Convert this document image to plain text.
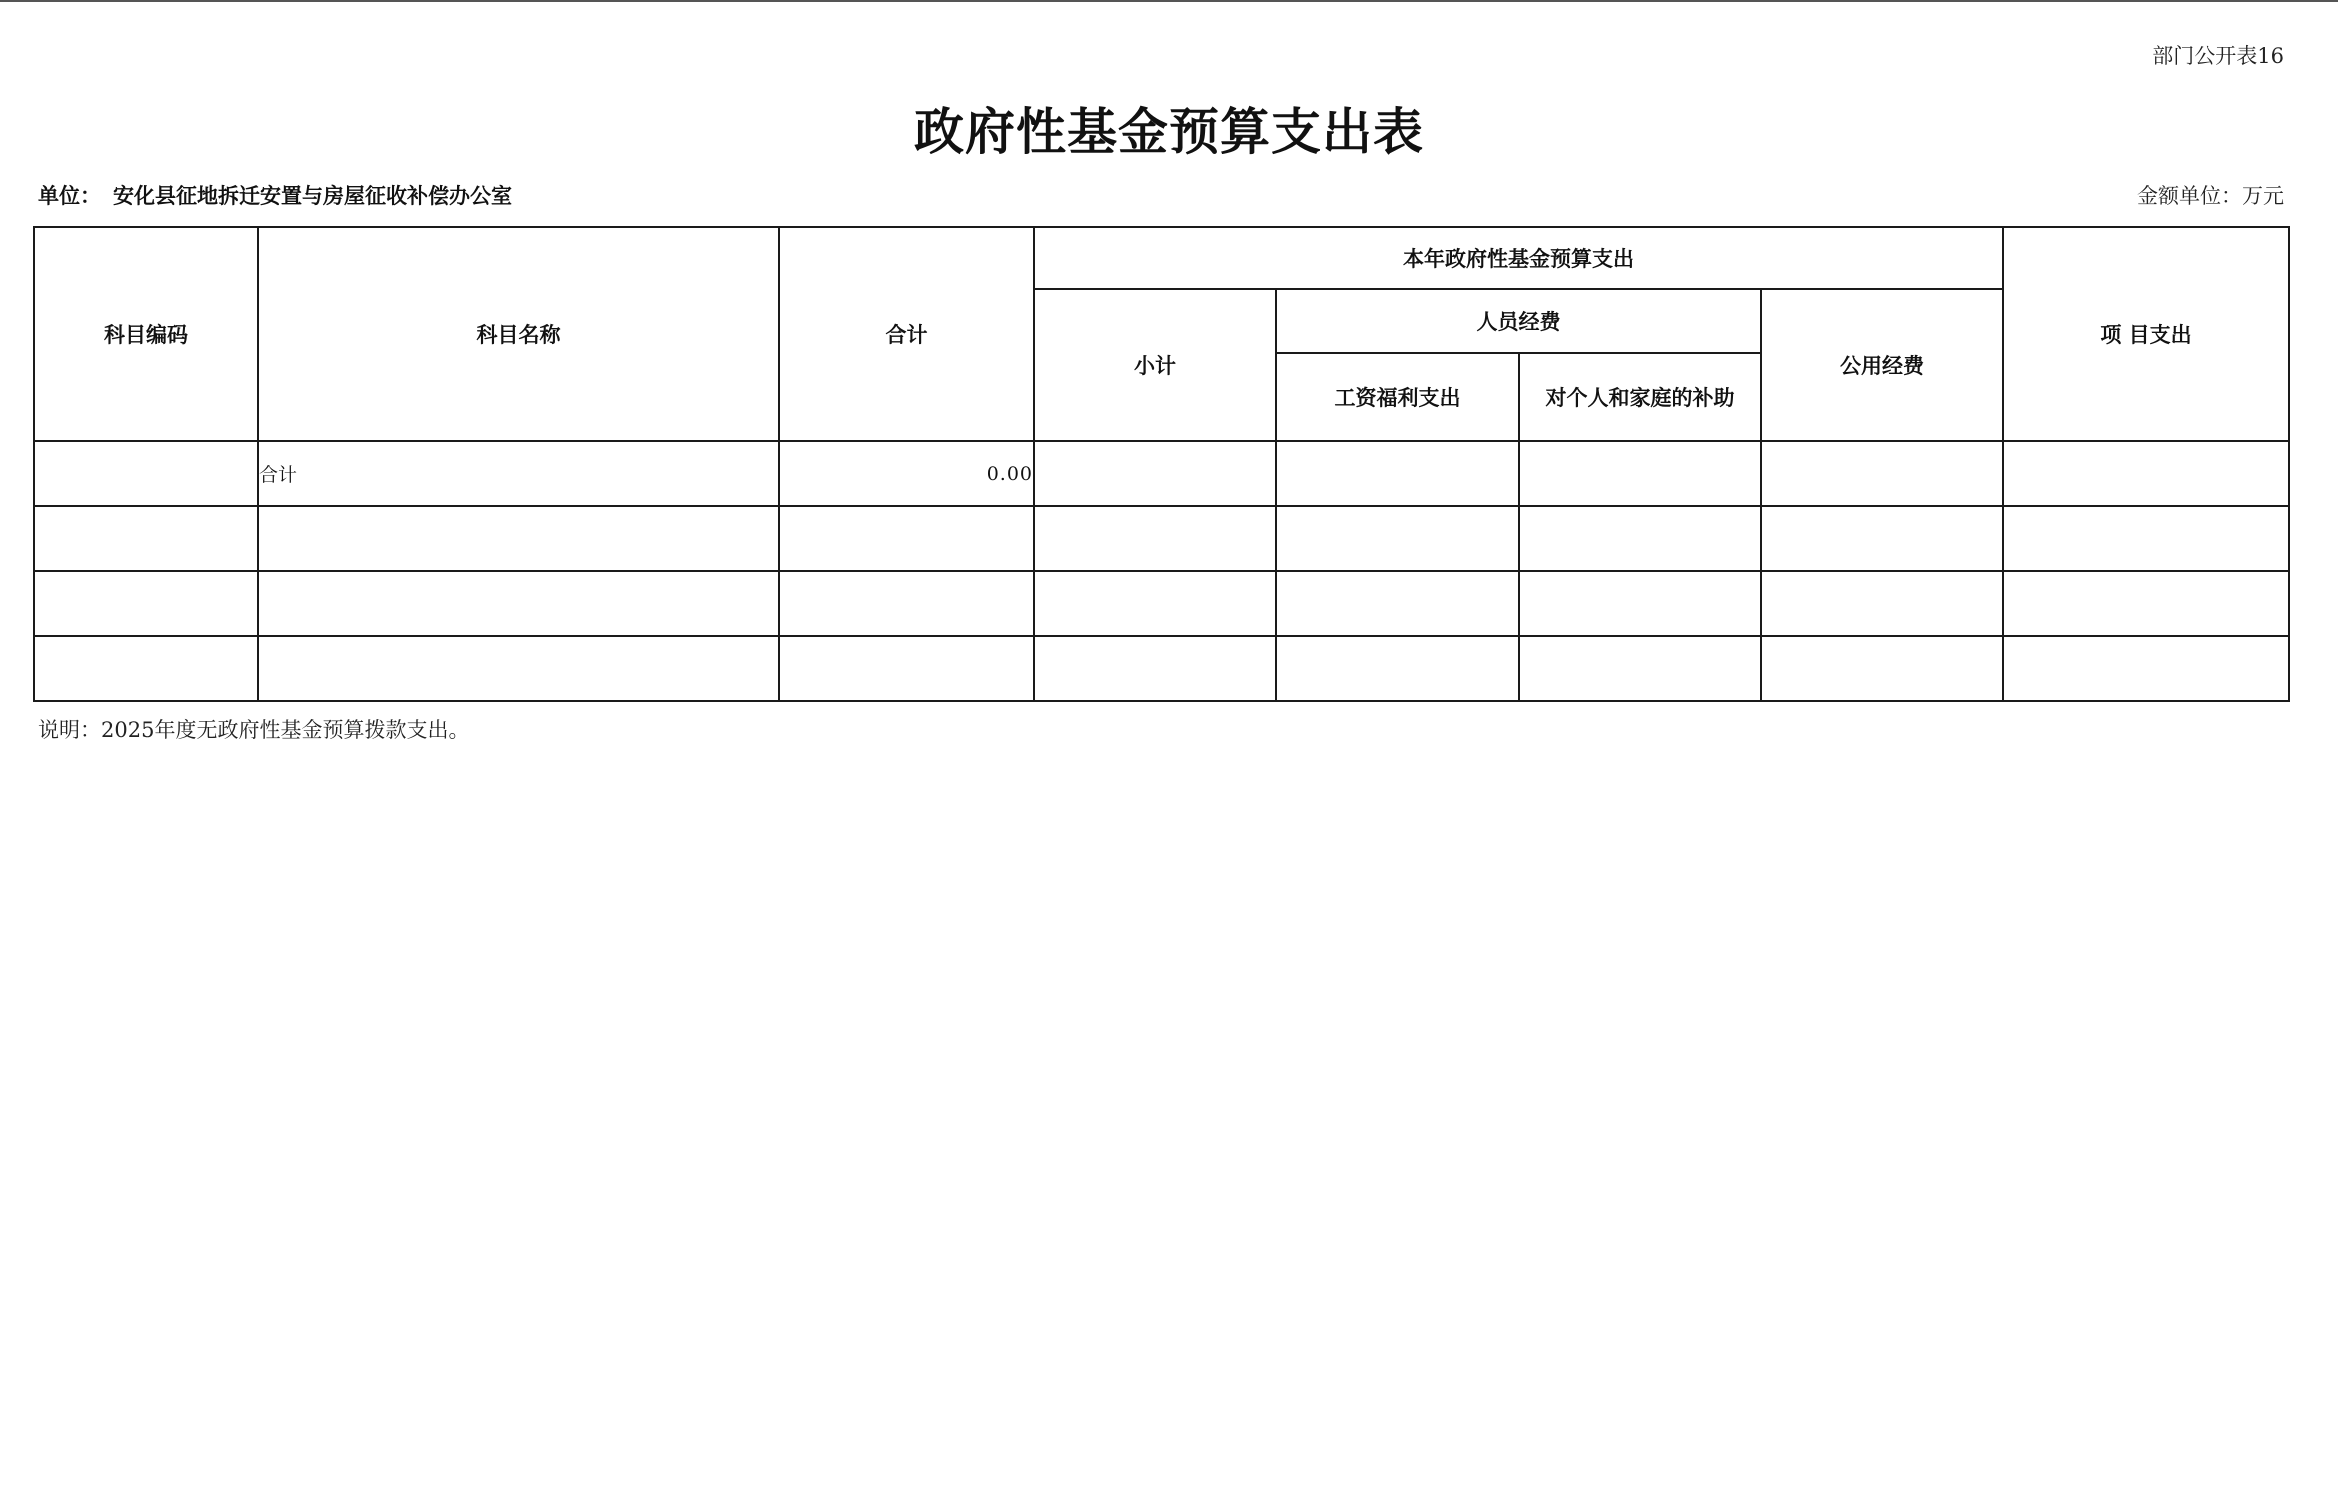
部门公开表16
政府性基金预算支出表
单位： 安化县征地拆迁安置与房屋征收补偿办公室	金额单位：万元
科目编码	科目名称	合计	本年政府性基金预算支出				项 目支出
			小计	人员经费		公用经费	
				工资福利支出	对个人和家庭的补助		
	合计	0.00					

说明：2025年度无政府性基金预算拨款支出。
